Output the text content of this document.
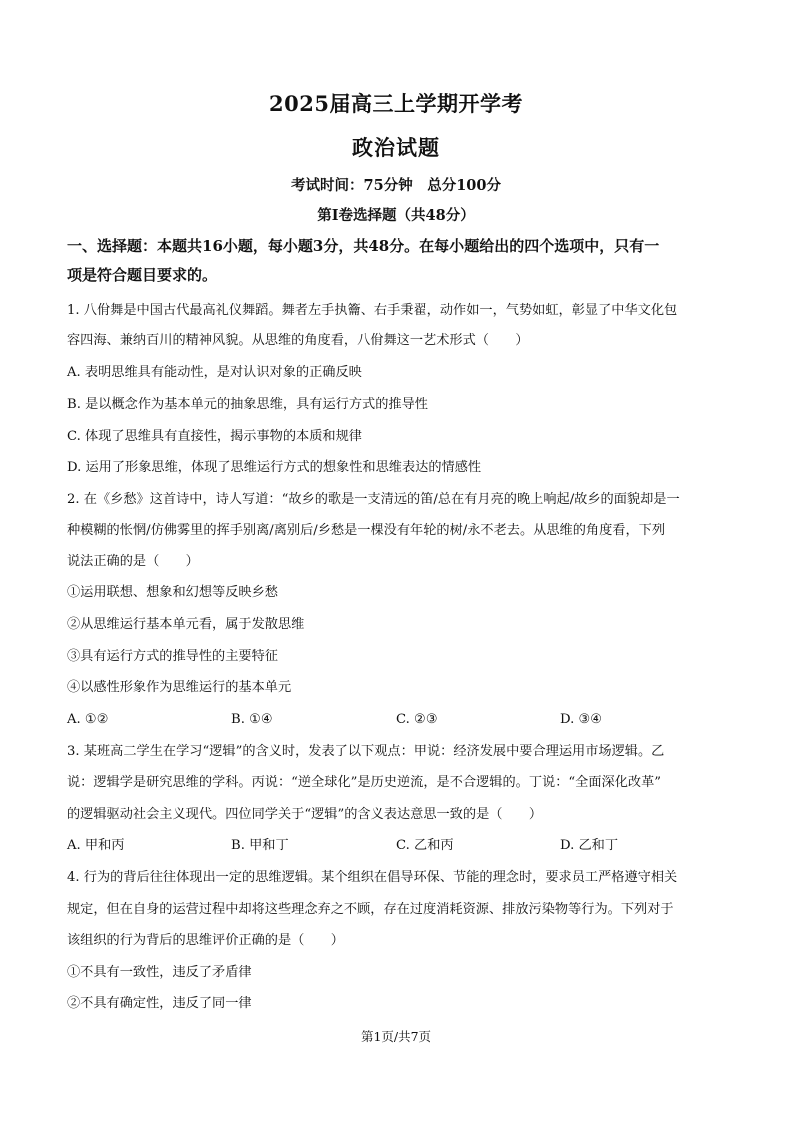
2025届高三上学期开学考
政治试题
考试时间：75分钟　总分100分
第Ⅰ卷选择题（共48分）
一、选择题：本题共16小题，每小题3分，共48分。在每小题给出的四个选项中，只有一
项是符合题目要求的。
1. 八佾舞是中国古代最高礼仪舞蹈。舞者左手执籥、右手秉翟，动作如一，气势如虹，彰显了中华文化包
容四海、兼纳百川的精神风貌。从思维的角度看，八佾舞这一艺术形式（　　）
A. 表明思维具有能动性，是对认识对象的正确反映
B. 是以概念作为基本单元的抽象思维，具有运行方式的推导性
C. 体现了思维具有直接性，揭示事物的本质和规律
D. 运用了形象思维，体现了思维运行方式的想象性和思维表达的情感性
2. 在《乡愁》这首诗中，诗人写道：“故乡的歌是一支清远的笛/总在有月亮的晚上响起/故乡的面貌却是一
种模糊的怅惘/仿佛雾里的挥手别离/离别后/乡愁是一棵没有年轮的树/永不老去。从思维的角度看，下列
说法正确的是（　　）
①运用联想、想象和幻想等反映乡愁
②从思维运行基本单元看，属于发散思维
③具有运行方式的推导性的主要特征
④以感性形象作为思维运行的基本单元
A. ①②	B. ①④	C. ②③	D. ③④
3. 某班高二学生在学习“逻辑”的含义时，发表了以下观点：甲说：经济发展中要合理运用市场逻辑。乙
说：逻辑学是研究思维的学科。丙说：“逆全球化”是历史逆流，是不合逻辑的。丁说：“全面深化改革”
的逻辑驱动社会主义现代。四位同学关于“逻辑”的含义表达意思一致的是（　　）
A. 甲和丙	B. 甲和丁	C. 乙和丙	D. 乙和丁
4. 行为的背后往往体现出一定的思维逻辑。某个组织在倡导环保、节能的理念时，要求员工严格遵守相关
规定，但在自身的运营过程中却将这些理念弃之不顾，存在过度消耗资源、排放污染物等行为。下列对于
该组织的行为背后的思维评价正确的是（　　）
①不具有一致性，违反了矛盾律
②不具有确定性，违反了同一律
第1页/共7页
